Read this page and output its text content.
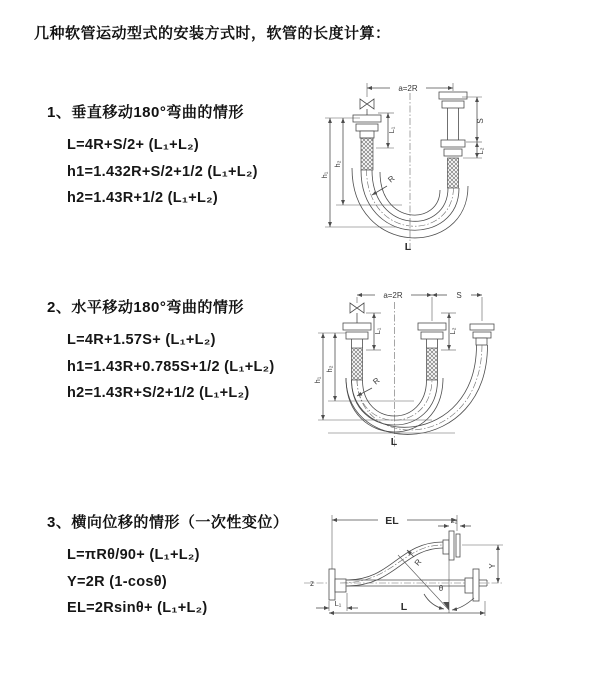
几种软管运动型式的安装方式时，软管的长度计算：
1、垂直移动180°弯曲的情形
L=4R+S/2+ (L₁+L₂)
h1=1.432R+S/2+1/2 (L₁+L₂)
h2=1.43R+1/2 (L₁+L₂)
2、水平移动180°弯曲的情形
L=4R+1.57S+ (L₁+L₂)
h1=1.43R+0.785S+1/2 (L₁+L₂)
h2=1.43R+S/2+1/2 (L₁+L₂)
3、横向位移的情形（一次性变位）
L=πRθ/90+ (L₁+L₂)
Y=2R (1-cosθ)
EL=2Rsinθ+ (L₁+L₂)
a=2R
S
L₂
h₁
h₂
L₁
R
L
a=2R	S
L₁	L₂
h₁
h₂
R
L
z
EL	L₂
Y
θ
R
L₁	L
